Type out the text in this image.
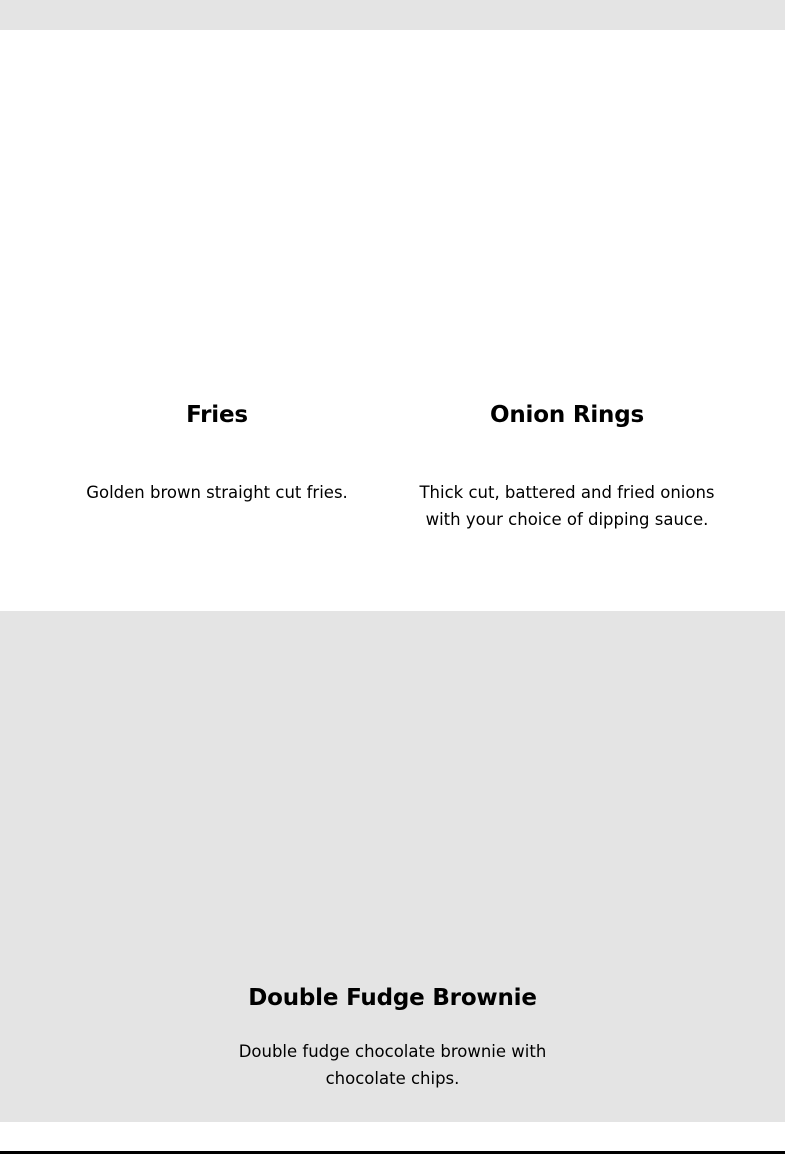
Fries

Golden brown straight cut fries.

Onion Rings

Thick cut, battered and fried onions with your choice of dipping sauce.

Double Fudge Brownie

Double fudge chocolate brownie with chocolate chips.
